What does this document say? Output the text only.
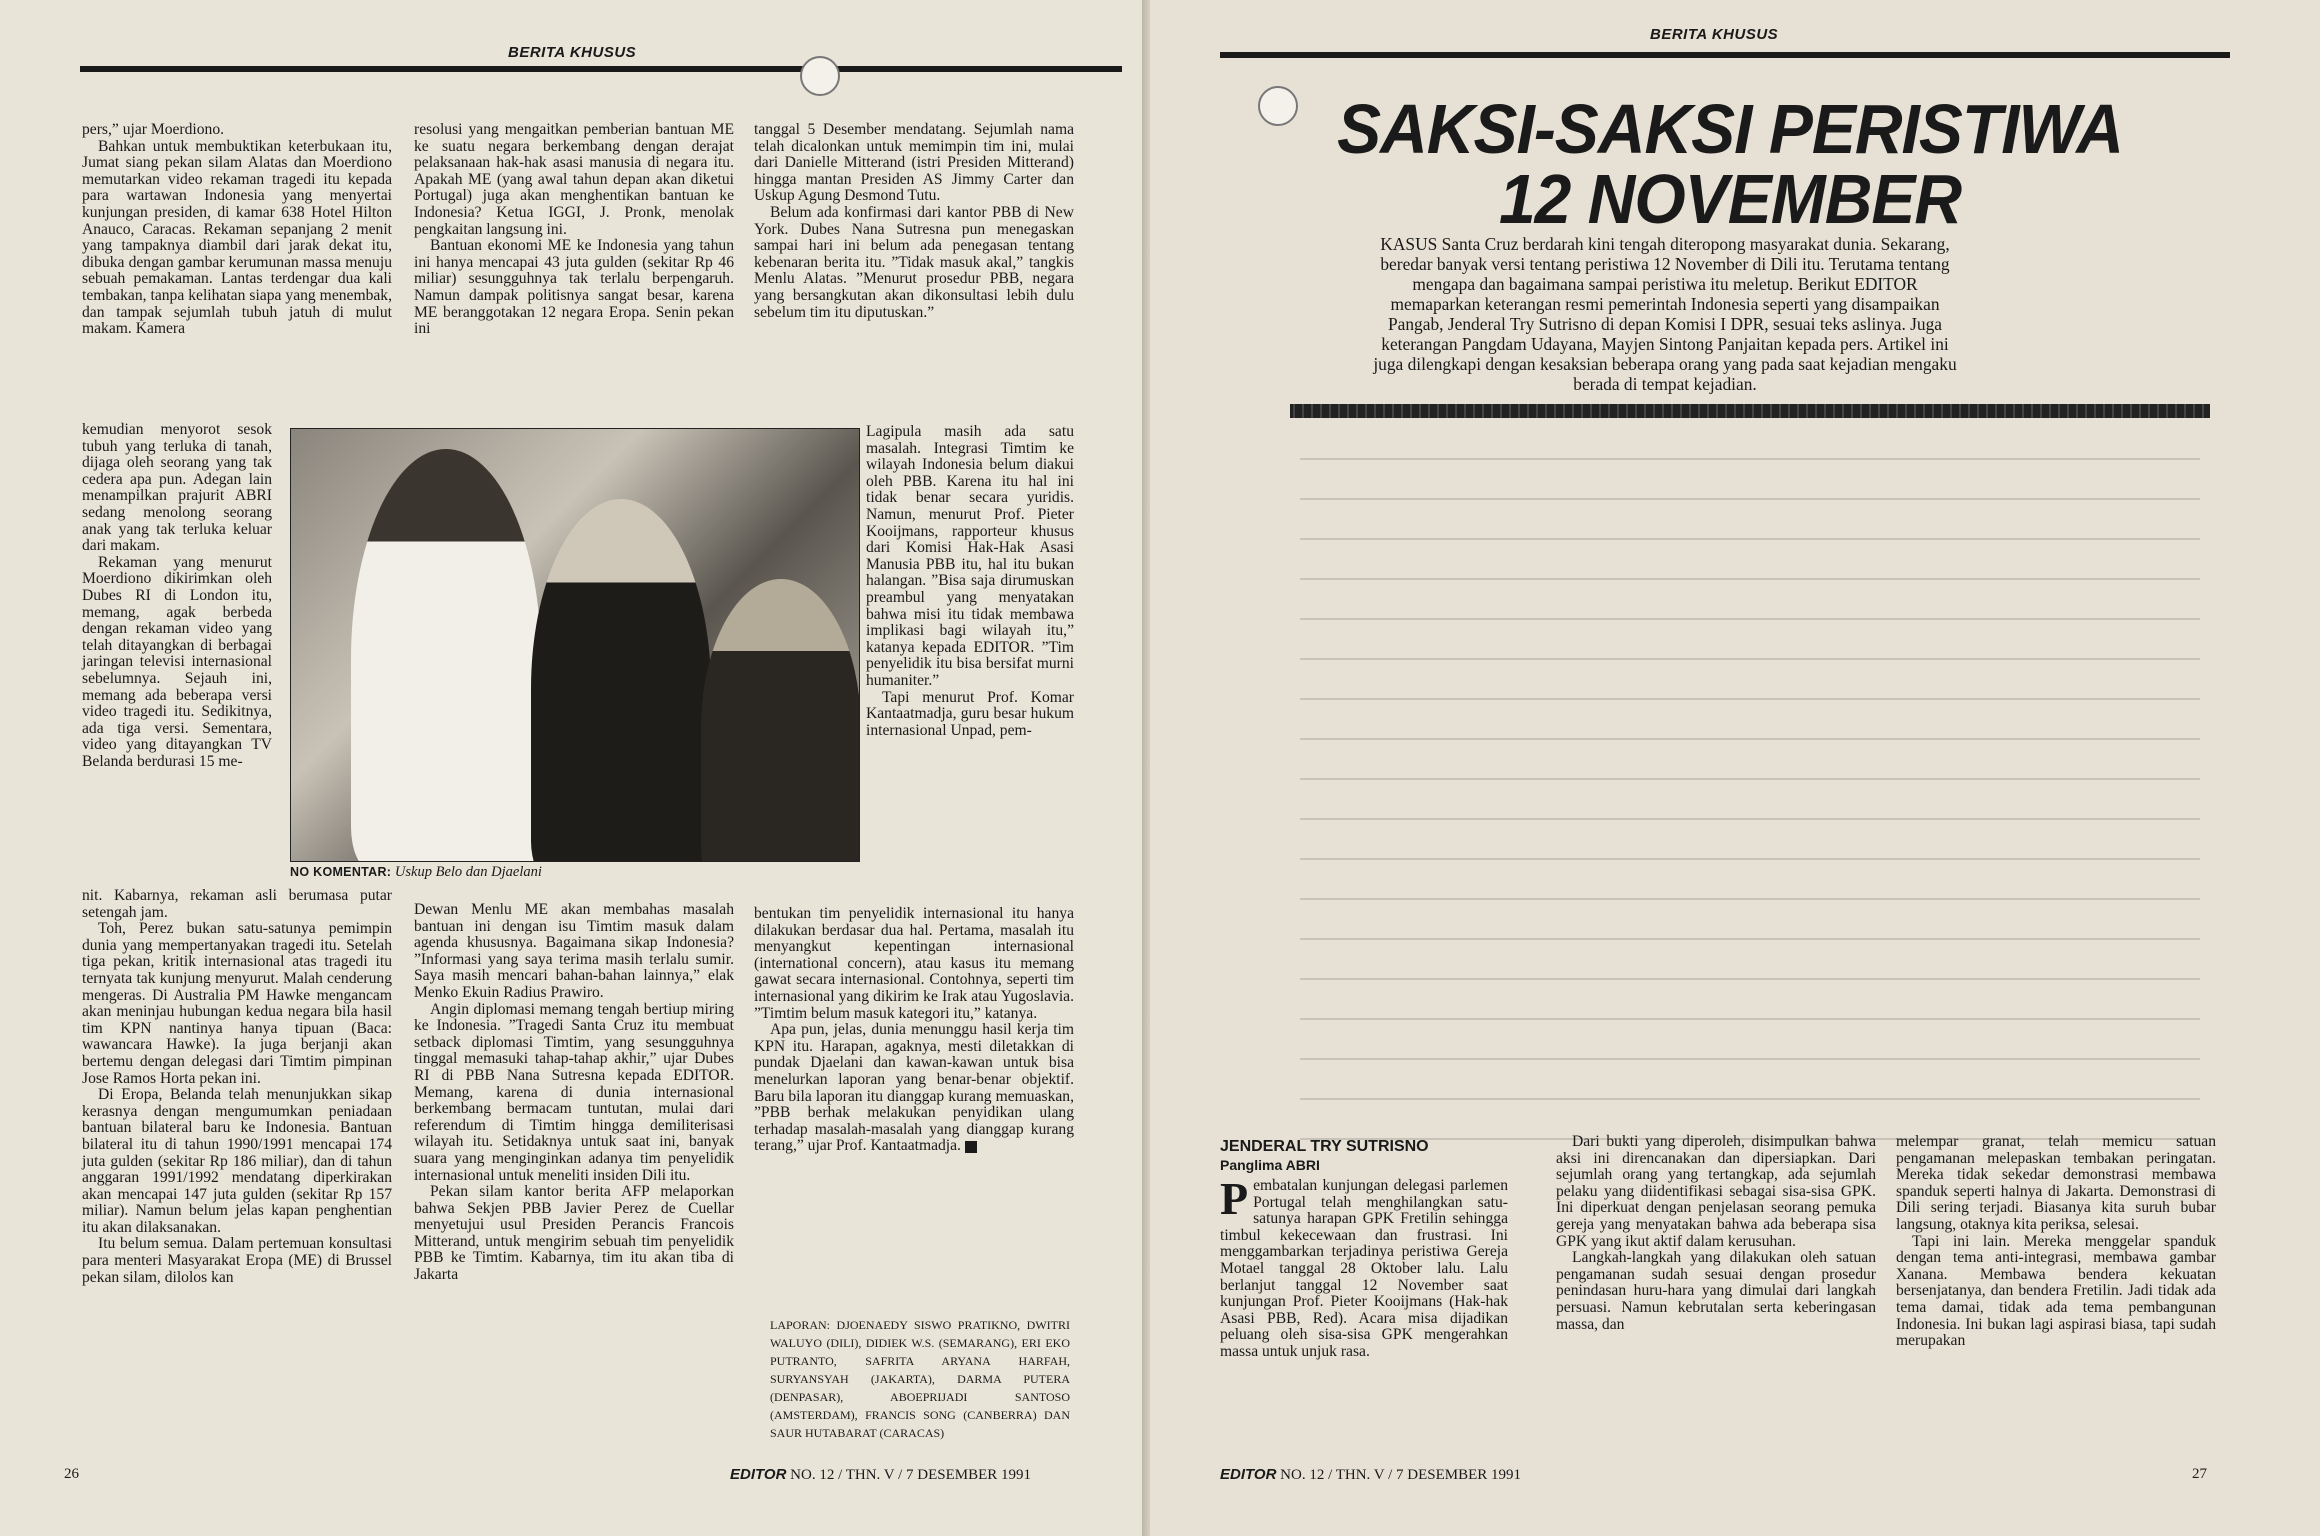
BERITA KHUSUS

pers,” ujar Moerdiono.

Bahkan untuk membuktikan keterbukaan itu, Jumat siang pekan silam Alatas dan Moerdiono memutarkan video rekaman tragedi itu kepada para wartawan Indonesia yang menyertai kunjungan presiden, di kamar 638 Hotel Hilton Anauco, Caracas. Rekaman sepanjang 2 menit yang tampaknya diambil dari jarak dekat itu, dibuka dengan gambar kerumunan massa menuju sebuah pemakaman. Lantas terdengar dua kali tembakan, tanpa kelihatan siapa yang menembak, dan tampak sejumlah tubuh jatuh di mulut makam. Kamera

kemudian menyorot sesok tubuh yang terluka di tanah, dijaga oleh seorang yang tak cedera apa pun. Adegan lain menampilkan prajurit ABRI sedang menolong seorang anak yang tak terluka keluar dari makam.

Rekaman yang menurut Moerdiono dikirimkan oleh Dubes RI di London itu, memang, agak berbeda dengan rekaman video yang telah ditayangkan di berbagai jaringan televisi internasional sebelumnya. Sejauh ini, memang ada beberapa versi video tragedi itu. Sedikitnya, ada tiga versi. Sementara, video yang ditayangkan TV Belanda berdurasi 15 me-

nit. Kabarnya, rekaman asli berumasa putar setengah jam.

Toh, Perez bukan satu-satunya pemimpin dunia yang mempertanyakan tragedi itu. Setelah tiga pekan, kritik internasional atas tragedi itu ternyata tak kunjung menyurut. Malah cenderung mengeras. Di Australia PM Hawke mengancam akan meninjau hubungan kedua negara bila hasil tim KPN nantinya hanya tipuan (Baca: wawancara Hawke). Ia juga berjanji akan bertemu dengan delegasi dari Timtim pimpinan Jose Ramos Horta pekan ini.

Di Eropa, Belanda telah menunjukkan sikap kerasnya dengan mengumumkan peniadaan bantuan bilateral baru ke Indonesia. Bantuan bilateral itu di tahun 1990/1991 mencapai 174 juta gulden (sekitar Rp 186 miliar), dan di tahun anggaran 1991/1992 mendatang diperkirakan akan mencapai 147 juta gulden (sekitar Rp 157 miliar). Namun belum jelas kapan penghentian itu akan dilaksanakan.

Itu belum semua. Dalam pertemuan konsultasi para menteri Masyarakat Eropa (ME) di Brussel pekan silam, dilolos kan

resolusi yang mengaitkan pemberian bantuan ME ke suatu negara berkembang dengan derajat pelaksanaan hak-hak asasi manusia di negara itu. Apakah ME (yang awal tahun depan akan diketui Portugal) juga akan menghentikan bantuan ke Indonesia? Ketua IGGI, J. Pronk, menolak pengkaitan langsung ini.

Bantuan ekonomi ME ke Indonesia yang tahun ini hanya mencapai 43 juta gulden (sekitar Rp 46 miliar) sesungguhnya tak terlalu berpengaruh. Namun dampak politisnya sangat besar, karena ME beranggotakan 12 negara Eropa. Senin pekan ini

Dewan Menlu ME akan membahas masalah bantuan ini dengan isu Timtim masuk dalam agenda khususnya. Bagaimana sikap Indonesia? ”Informasi yang saya terima masih terlalu sumir. Saya masih mencari bahan-bahan lainnya,” elak Menko Ekuin Radius Prawiro.

Angin diplomasi memang tengah bertiup miring ke Indonesia. ”Tragedi Santa Cruz itu membuat setback diplomasi Timtim, yang sesungguhnya tinggal memasuki tahap-tahap akhir,” ujar Dubes RI di PBB Nana Sutresna kepada EDITOR. Memang, karena di dunia internasional berkembang bermacam tuntutan, mulai dari referendum di Timtim hingga demiliterisasi wilayah itu. Setidaknya untuk saat ini, banyak suara yang menginginkan adanya tim penyelidik internasional untuk meneliti insiden Dili itu.

Pekan silam kantor berita AFP melaporkan bahwa Sekjen PBB Javier Perez de Cuellar menyetujui usul Presiden Perancis Francois Mitterand, untuk mengirim sebuah tim penyelidik PBB ke Timtim. Kabarnya, tim itu akan tiba di Jakarta

tanggal 5 Desember mendatang. Sejumlah nama telah dicalonkan untuk memimpin tim ini, mulai dari Danielle Mitterand (istri Presiden Mitterand) hingga mantan Presiden AS Jimmy Carter dan Uskup Agung Desmond Tutu.

Belum ada konfirmasi dari kantor PBB di New York. Dubes Nana Sutresna pun menegaskan sampai hari ini belum ada penegasan tentang kebenaran berita itu. ”Tidak masuk akal,” tangkis Menlu Alatas. ”Menurut prosedur PBB, negara yang bersangkutan akan dikonsultasi lebih dulu sebelum tim itu diputuskan.”

Lagipula masih ada satu masalah. Integrasi Timtim ke wilayah Indonesia belum diakui oleh PBB. Karena itu hal ini tidak benar secara yuridis. Namun, menurut Prof. Pieter Kooijmans, rapporteur khusus dari Komisi Hak-Hak Asasi Manusia PBB itu, hal itu bukan halangan. ”Bisa saja dirumuskan preambul yang menyatakan bahwa misi itu tidak membawa implikasi bagi wilayah itu,” katanya kepada EDITOR. ”Tim penyelidik itu bisa bersifat murni humaniter.”

Tapi menurut Prof. Komar Kantaatmadja, guru besar hukum internasional Unpad, pem-

bentukan tim penyelidik internasional itu hanya dilakukan berdasar dua hal. Pertama, masalah itu menyangkut kepentingan internasional (international concern), atau kasus itu memang gawat secara internasional. Contohnya, seperti tim internasional yang dikirim ke Irak atau Yugoslavia. ”Timtim belum masuk kategori itu,” katanya.

Apa pun, jelas, dunia menunggu hasil kerja tim KPN itu. Harapan, agaknya, mesti diletakkan di pundak Djaelani dan kawan-kawan untuk bisa menelurkan laporan yang benar-benar objektif. Baru bila laporan itu dianggap kurang memuaskan, ”PBB berhak melakukan penyidikan ulang terhadap masalah-masalah yang dianggap kurang terang,” ujar Prof. Kantaatmadja.

NO KOMENTAR: Uskup Belo dan Djaelani
LAPORAN: DJOENAEDY SISWO PRATIKNO, DWITRI WALUYO (DILI), DIDIEK W.S. (SEMARANG), ERI EKO PUTRANTO, SAFRITA ARYANA HARFAH, SURYANSYAH (JAKARTA), DARMA PUTERA (DENPASAR), ABOEPRIJADI SANTOSO (AMSTERDAM), FRANCIS SONG (CANBERRA) DAN SAUR HUTABARAT (CARACAS)
26	EDITOR NO. 12 / THN. V / 7 DESEMBER 1991
BERITA KHUSUS
SAKSI-SAKSI PERISTIWA
12 NOVEMBER
KASUS Santa Cruz berdarah kini tengah diteropong masyarakat dunia. Sekarang, beredar banyak versi tentang peristiwa 12 November di Dili itu. Terutama tentang mengapa dan bagaimana sampai peristiwa itu meletup. Berikut EDITOR memaparkan keterangan resmi pemerintah Indonesia seperti yang disampaikan Pangab, Jenderal Try Sutrisno di depan Komisi I DPR, sesuai teks aslinya. Juga keterangan Pangdam Udayana, Mayjen Sintong Panjaitan kepada pers. Artikel ini juga dilengkapi dengan kesaksian beberapa orang yang pada saat kejadian mengaku berada di tempat kejadian.
JENDERAL TRY SUTRISNO
Panglima ABRI

Pembatalan kunjungan delegasi parlemen Portugal telah menghilangkan satu-satunya harapan GPK Fretilin sehingga timbul kekecewaan dan frustrasi. Ini menggambarkan terjadinya peristiwa Gereja Motael tanggal 28 Oktober lalu. Lalu berlanjut tanggal 12 November saat kunjungan Prof. Pieter Kooijmans (Hak-hak Asasi PBB, Red). Acara misa dijadikan peluang oleh sisa-sisa GPK mengerahkan massa untuk unjuk rasa.

Dari bukti yang diperoleh, disimpulkan bahwa aksi ini direncanakan dan dipersiapkan. Dari sejumlah orang yang tertangkap, ada sejumlah pelaku yang diidentifikasi sebagai sisa-sisa GPK. Ini diperkuat dengan penjelasan seorang pemuka gereja yang menyatakan bahwa ada beberapa sisa GPK yang ikut aktif dalam kerusuhan.

Langkah-langkah yang dilakukan oleh satuan pengamanan sudah sesuai dengan prosedur penindasan huru-hara yang dimulai dari langkah persuasi. Namun kebrutalan serta keberingasan massa, dan

melempar granat, telah memicu satuan pengamanan melepaskan tembakan peringatan. Mereka tidak sekedar demonstrasi membawa spanduk seperti halnya di Jakarta. Demonstrasi di Dili sering terjadi. Biasanya kita suruh bubar langsung, otaknya kita periksa, selesai.

Tapi ini lain. Mereka menggelar spanduk dengan tema anti-integrasi, membawa gambar Xanana. Membawa bendera kekuatan bersenjatanya, dan bendera Fretilin. Jadi tidak ada tema damai, tidak ada tema pembangunan Indonesia. Ini bukan lagi aspirasi biasa, tapi sudah merupakan

EDITOR NO. 12 / THN. V / 7 DESEMBER 1991	27
